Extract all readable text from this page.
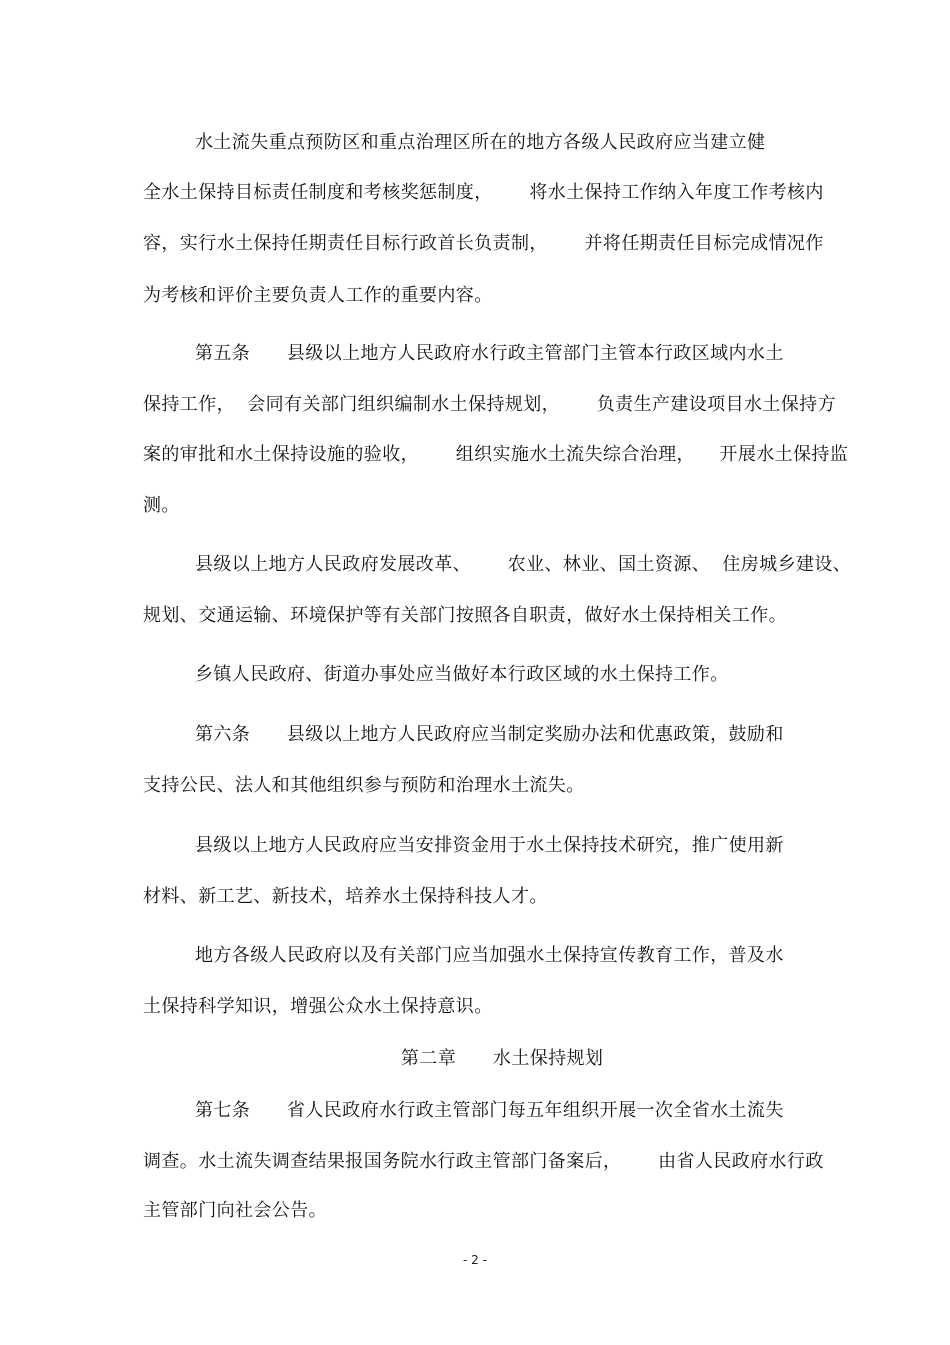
水土流失重点预防区和重点治理区所在的地方各级人民政府应当建立健
全水土保持目标责任制度和考核奖惩制度，      将水土保持工作纳入年度工作考核内
容，实行水土保持任期责任目标行政首长负责制，      并将任期责任目标完成情况作
为考核和评价主要负责人工作的重要内容。
第五条      县级以上地方人民政府水行政主管部门主管本行政区域内水土
保持工作，  会同有关部门组织编制水土保持规划，      负责生产建设项目水土保持方
案的审批和水土保持设施的验收，      组织实施水土流失综合治理，    开展水土保持监
测。
县级以上地方人民政府发展改革、      农业、林业、国土资源、  住房城乡建设、
规划、交通运输、环境保护等有关部门按照各自职责，做好水土保持相关工作。
乡镇人民政府、街道办事处应当做好本行政区域的水土保持工作。
第六条      县级以上地方人民政府应当制定奖励办法和优惠政策，鼓励和
支持公民、法人和其他组织参与预防和治理水土流失。
县级以上地方人民政府应当安排资金用于水土保持技术研究，推广使用新
材料、新工艺、新技术，培养水土保持科技人才。
地方各级人民政府以及有关部门应当加强水土保持宣传教育工作，普及水
土保持科学知识，增强公众水土保持意识。
第二章      水土保持规划
第七条      省人民政府水行政主管部门每五年组织开展一次全省水土流失
调查。水土流失调查结果报国务院水行政主管部门备案后，      由省人民政府水行政
主管部门向社会公告。
- 2 -
